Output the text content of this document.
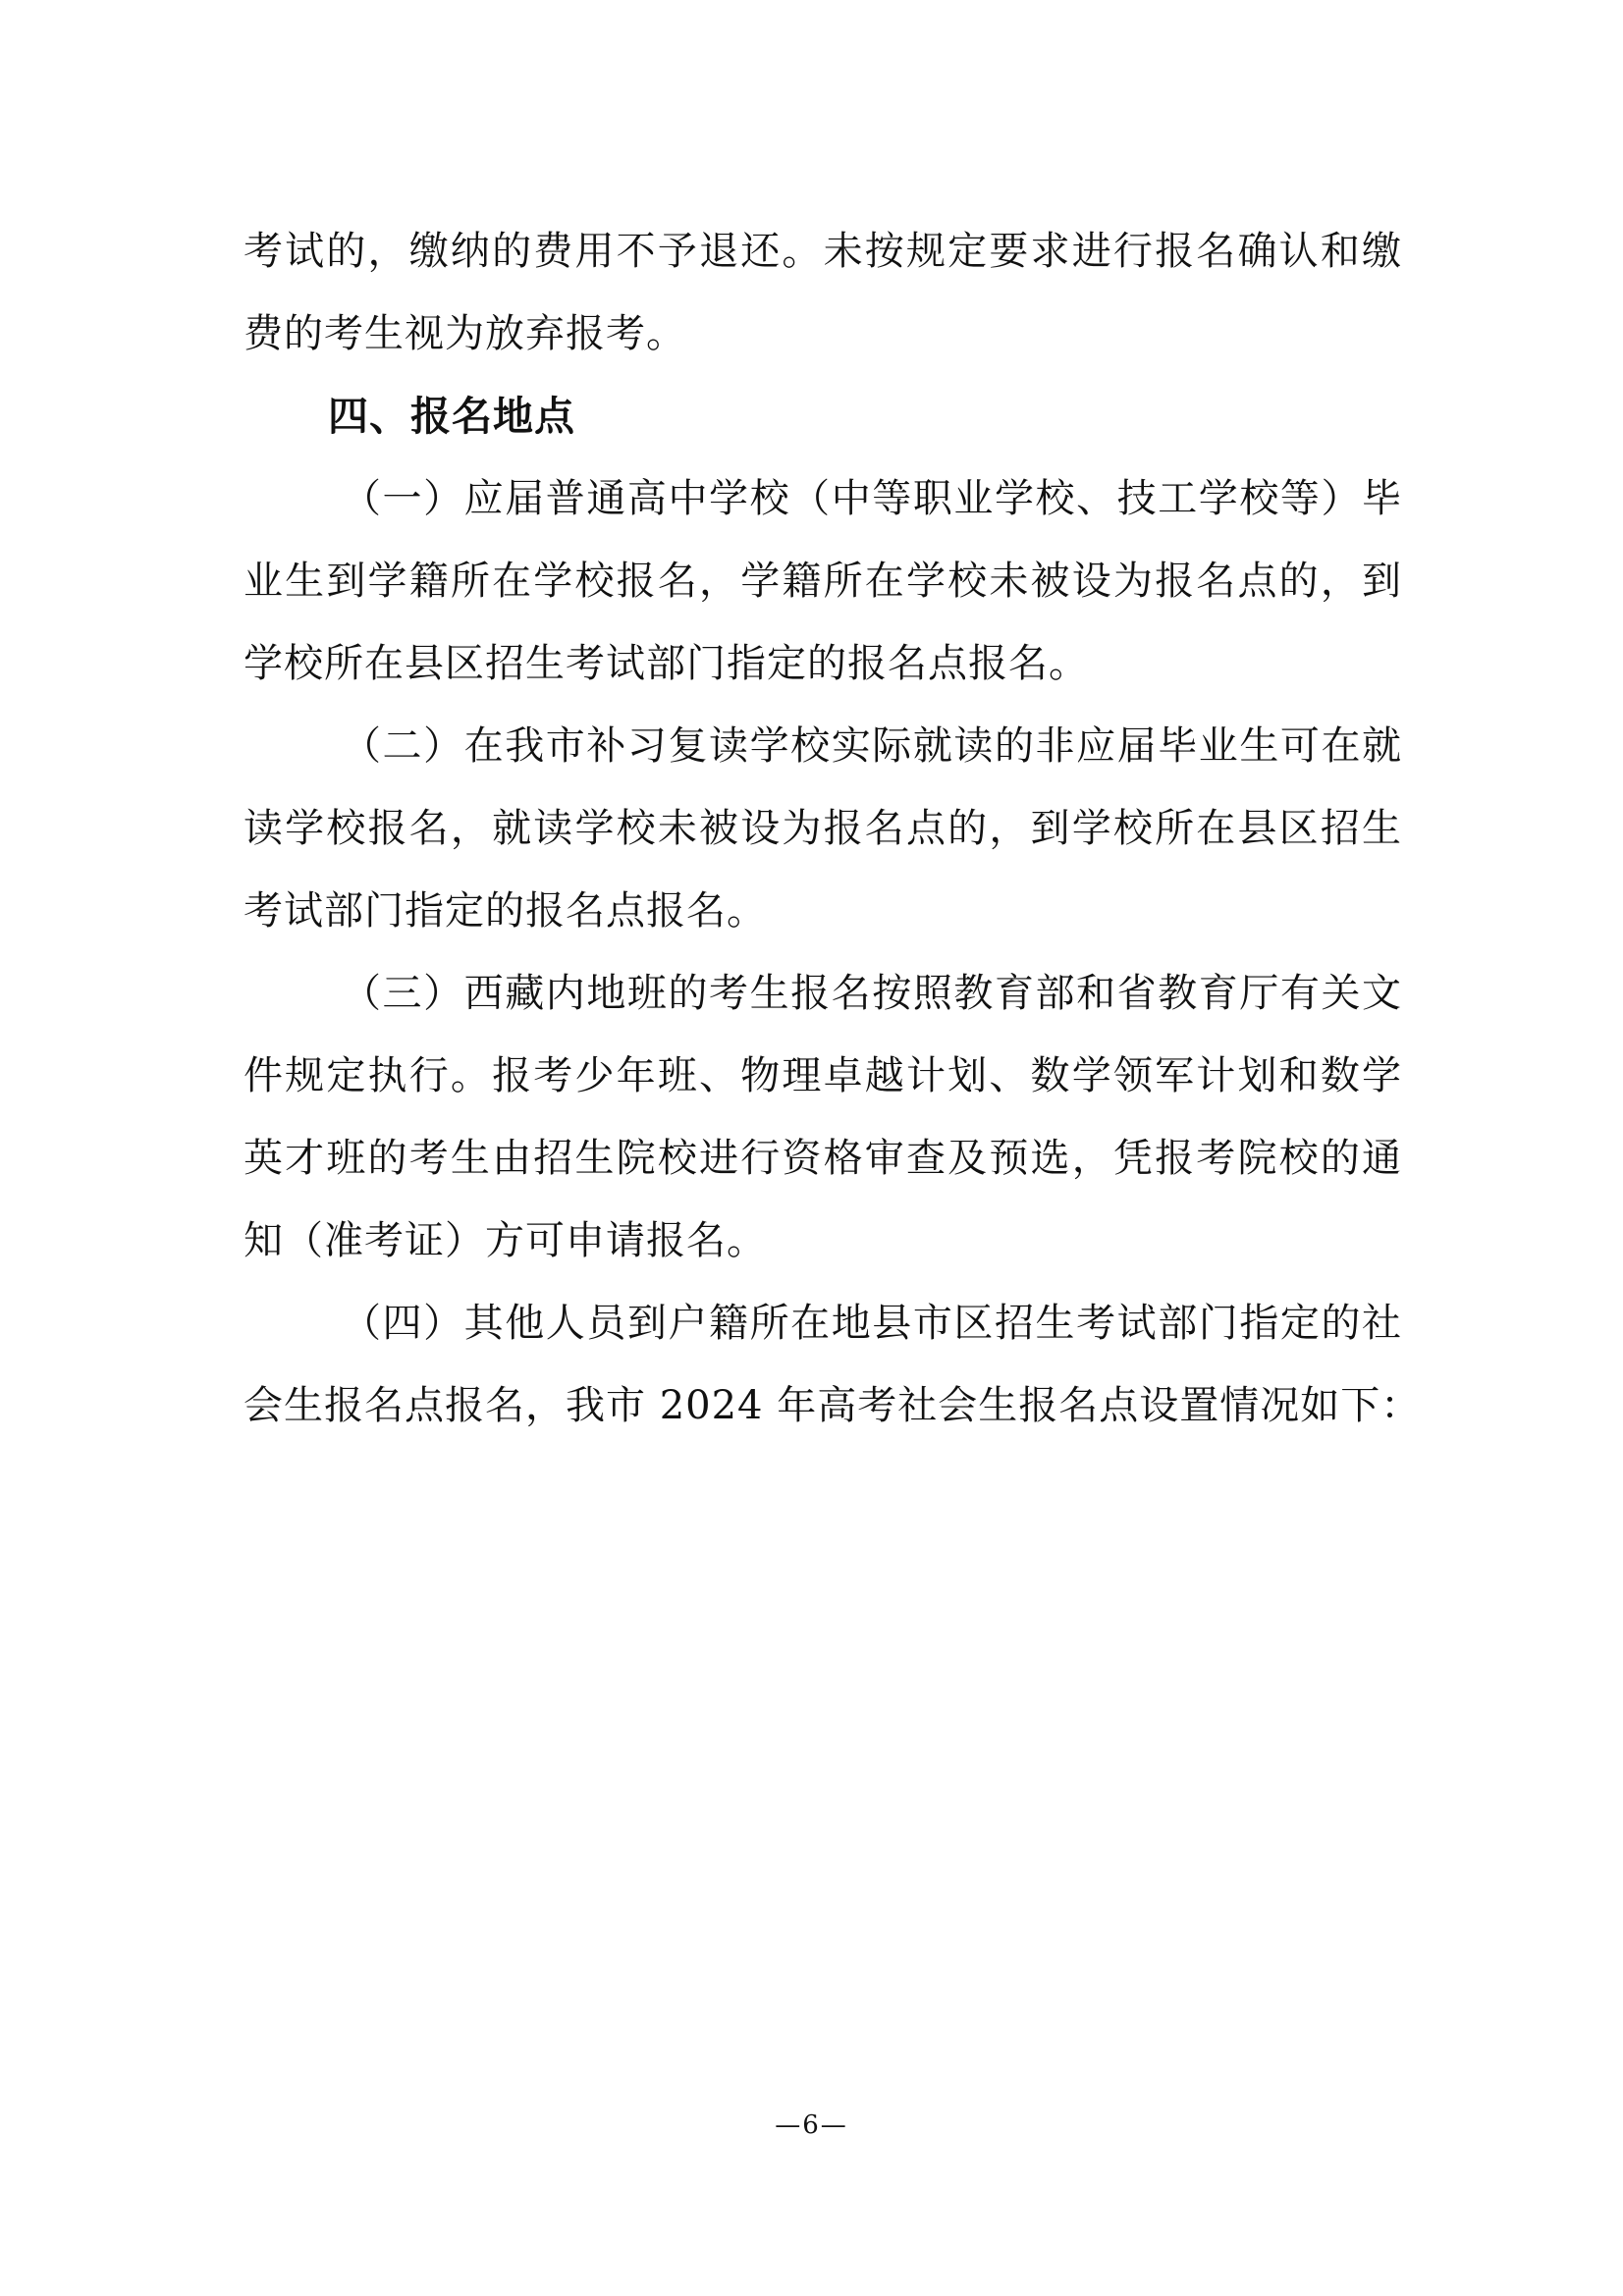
考试的，缴纳的费用不予退还。未按规定要求进行报名确认和缴
费的考生视为放弃报考。
四、报名地点
（一）应届普通高中学校（中等职业学校、技工学校等）毕
业生到学籍所在学校报名，学籍所在学校未被设为报名点的，到
学校所在县区招生考试部门指定的报名点报名。
（二）在我市补习复读学校实际就读的非应届毕业生可在就
读学校报名，就读学校未被设为报名点的，到学校所在县区招生
考试部门指定的报名点报名。
（三）西藏内地班的考生报名按照教育部和省教育厅有关文
件规定执行。报考少年班、物理卓越计划、数学领军计划和数学
英才班的考生由招生院校进行资格审查及预选，凭报考院校的通
知（准考证）方可申请报名。
（四）其他人员到户籍所在地县市区招生考试部门指定的社
会生报名点报名，我市 2024 年高考社会生报名点设置情况如下：
—6—
